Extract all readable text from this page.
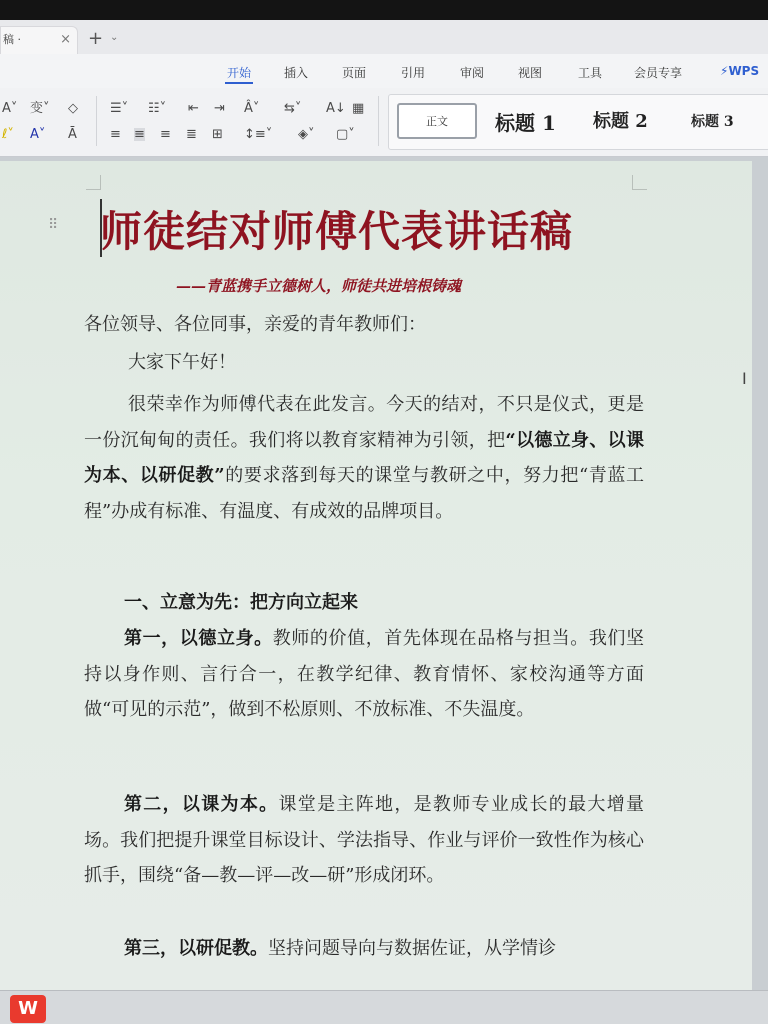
稿 ·	× + ⌄
开始	插入	页面	引用	审阅	视图	工具	会员专享	⚡WPS
A˅ 变˅ ◇
ℓ˅ A˅ Ā
☰˅ ☷˅ ⇤ ⇥ Â˅ ⇆˅ A↓ ▦
≡ ≡ ≡ ≣ ⊞ ↕≡˅ ◈˅ ▢˅
正文	标题 1 标题 2	标题 3
⠿ 师徒结对师傅代表讲话稿
——青蓝携手立德树人，师徒共进培根铸魂
各位领导、各位同事，亲爱的青年教师们：
大家下午好！
很荣幸作为师傅代表在此发言。今天的结对，不只是仪式，更是一份沉甸甸的责任。我们将以教育家精神为引领，把“以德立身、以课为本、以研促教”的要求落到每天的课堂与教研之中，努力把“青蓝工程”办成有标准、有温度、有成效的品牌项目。
一、立意为先：把方向立起来
第一，以德立身。教师的价值，首先体现在品格与担当。我们坚持以身作则、言行合一，在教学纪律、教育情怀、家校沟通等方面做“可见的示范”，做到不松原则、不放标准、不失温度。
第二，以课为本。课堂是主阵地，是教师专业成长的最大增量场。我们把提升课堂目标设计、学法指导、作业与评价一致性作为核心抓手，围绕“备—教—评—改—研”形成闭环。
第三，以研促教。坚持问题导向与数据佐证，从学情诊
I
W
